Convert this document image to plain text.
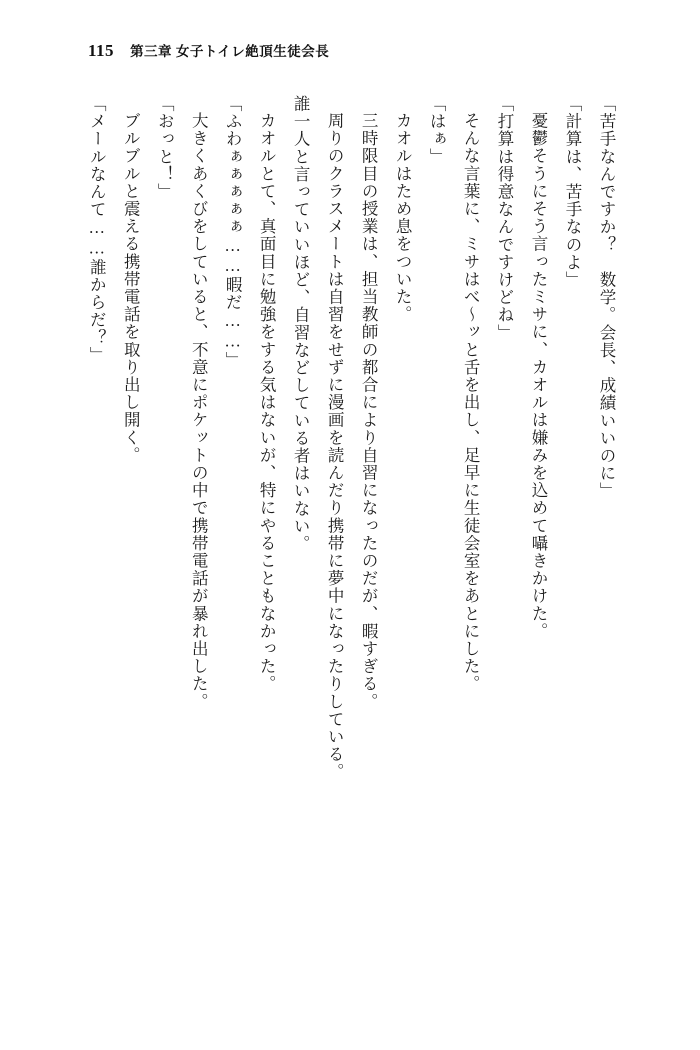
115 第三章 女子トイレ絶頂生徒会長

「苦手なんですか？　数学。会長、成績いいのに」

「計算は、苦手なのよ」

憂鬱そうにそう言ったミサに、カオルは嫌みを込めて囁きかけた。

「打算は得意なんですけどね」

そんな言葉に、ミサはべ～ッと舌を出し、足早に生徒会室をあとにした。

「はぁ」

カオルはため息をついた。

三時限目の授業は、担当教師の都合により自習になったのだが、暇すぎる。

周りのクラスメートは自習をせずに漫画を読んだり携帯に夢中になったりしている。

誰一人と言っていいほど、自習などしている者はいない。

カオルとて、真面目に勉強をする気はないが、特にやることもなかった。

「ふわぁぁぁぁぁ……暇だ……」

大きくあくびをしていると、不意にポケットの中で携帯電話が暴れ出した。

「おっと！」

ブルブルと震える携帯電話を取り出し開く。

「メールなんて……誰からだ？」
